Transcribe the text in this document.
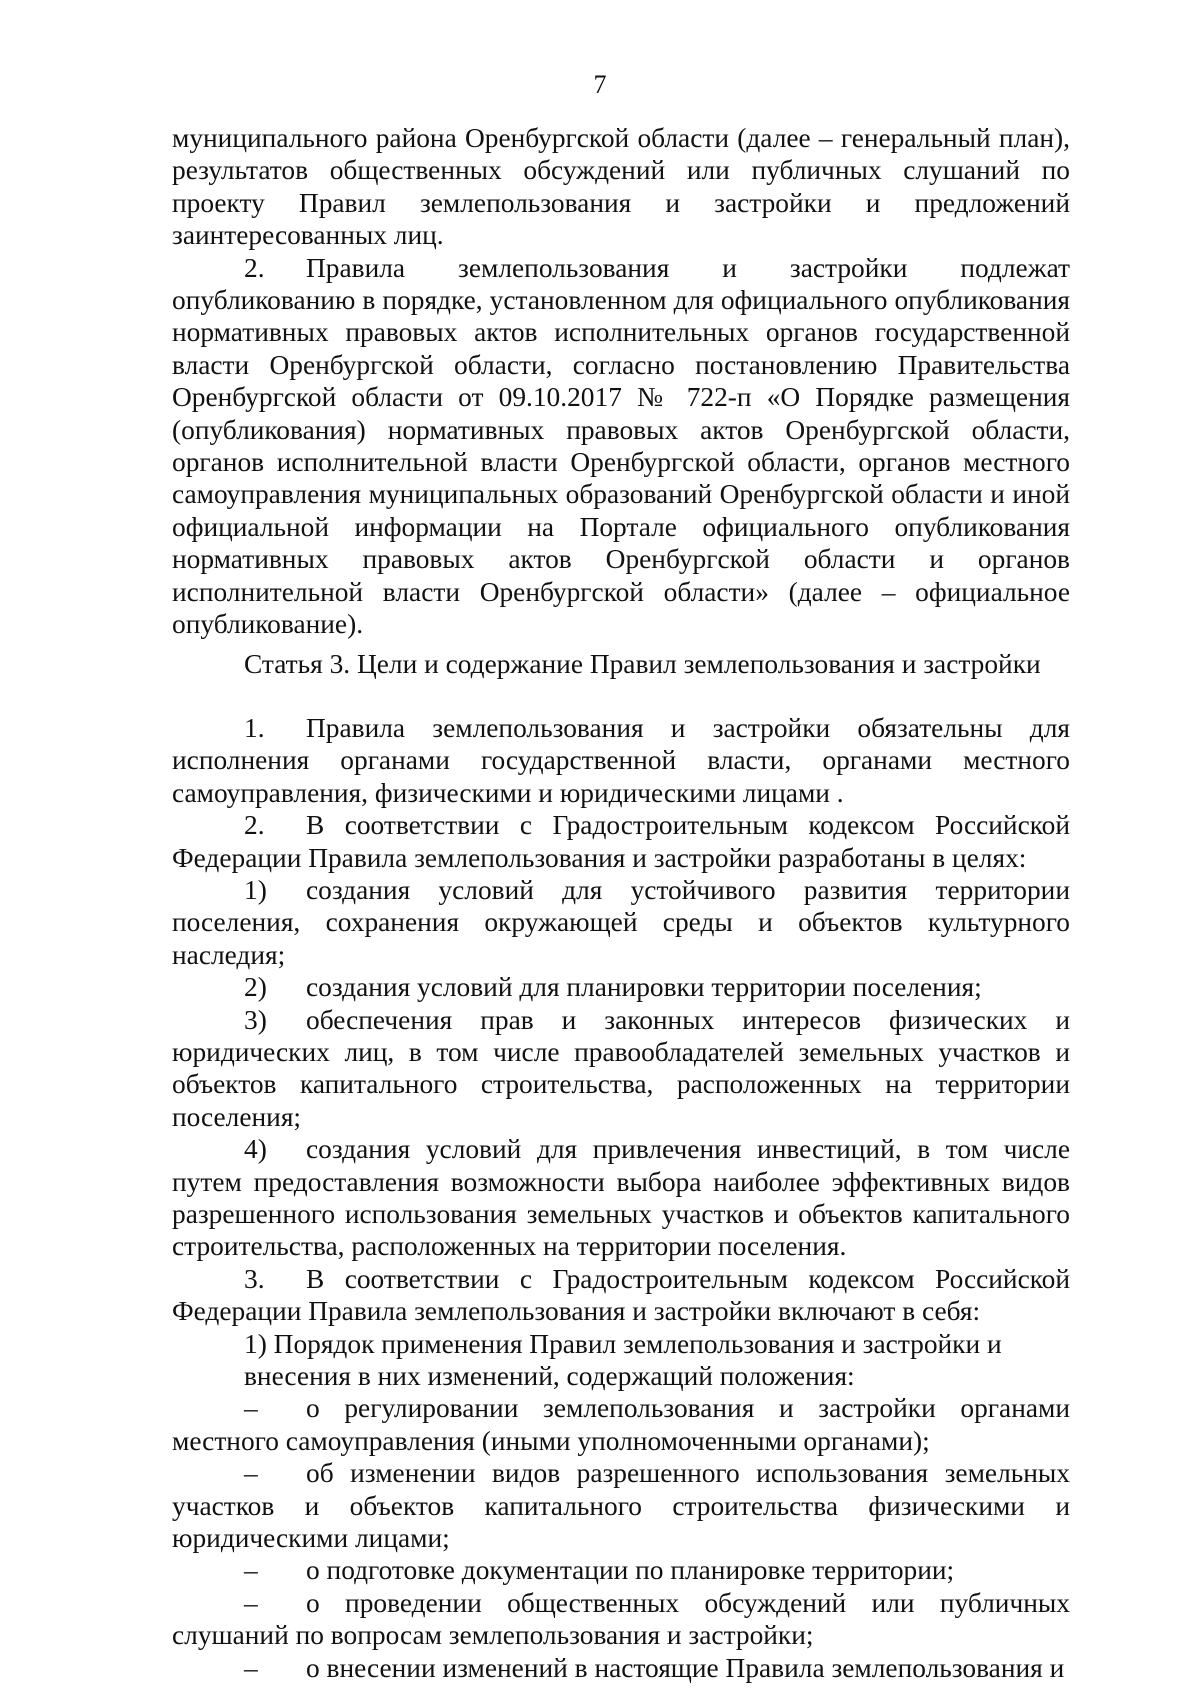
7

муниципального района Оренбургской области (далее – генеральный план), результатов общественных обсуждений или публичных слушаний по проекту Правил землепользования и застройки и предложений заинтересованных лиц.

2. Правила землепользования и застройки подлежат опубликованию в порядке, установленном для официального опубликования нормативных правовых актов исполнительных органов государственной власти Оренбургской области, согласно постановлению Правительства Оренбургской области от 09.10.2017 № 722-п «О Порядке размещения (опубликования) нормативных правовых актов Оренбургской области, органов исполнительной власти Оренбургской области, органов местного самоуправления муниципальных образований Оренбургской области и иной официальной информации на Портале официального опубликования нормативных правовых актов Оренбургской области и органов исполнительной власти Оренбургской области» (далее – официальное опубликование).

Статья 3. Цели и содержание Правил землепользования и застройки

1. Правила землепользования и застройки обязательны для исполнения органами государственной власти, органами местного самоуправления, физическими и юридическими лицами .

2. В соответствии с Градостроительным кодексом Российской Федерации Правила землепользования и застройки разработаны в целях:

1) создания условий для устойчивого развития территории поселения, сохранения окружающей среды и объектов культурного наследия;

2) создания условий для планировки территории поселения;

3) обеспечения прав и законных интересов физических и юридических лиц, в том числе правообладателей земельных участков и объектов капитального строительства, расположенных на территории поселения;

4) создания условий для привлечения инвестиций, в том числе путем предоставления возможности выбора наиболее эффективных видов разрешенного использования земельных участков и объектов капитального строительства, расположенных на территории поселения.

3. В соответствии с Градостроительным кодексом Российской Федерации Правила землепользования и застройки включают в себя:

1) Порядок применения Правил землепользования и застройки и внесения в них изменений, содержащий положения:

– о регулировании землепользования и застройки органами местного самоуправления (иными уполномоченными органами);

– об изменении видов разрешенного использования земельных участков и объектов капитального строительства физическими и юридическими лицами;

– о подготовке документации по планировке территории;

– о проведении общественных обсуждений или публичных слушаний по вопросам землепользования и застройки;

– о внесении изменений в настоящие Правила землепользования и
